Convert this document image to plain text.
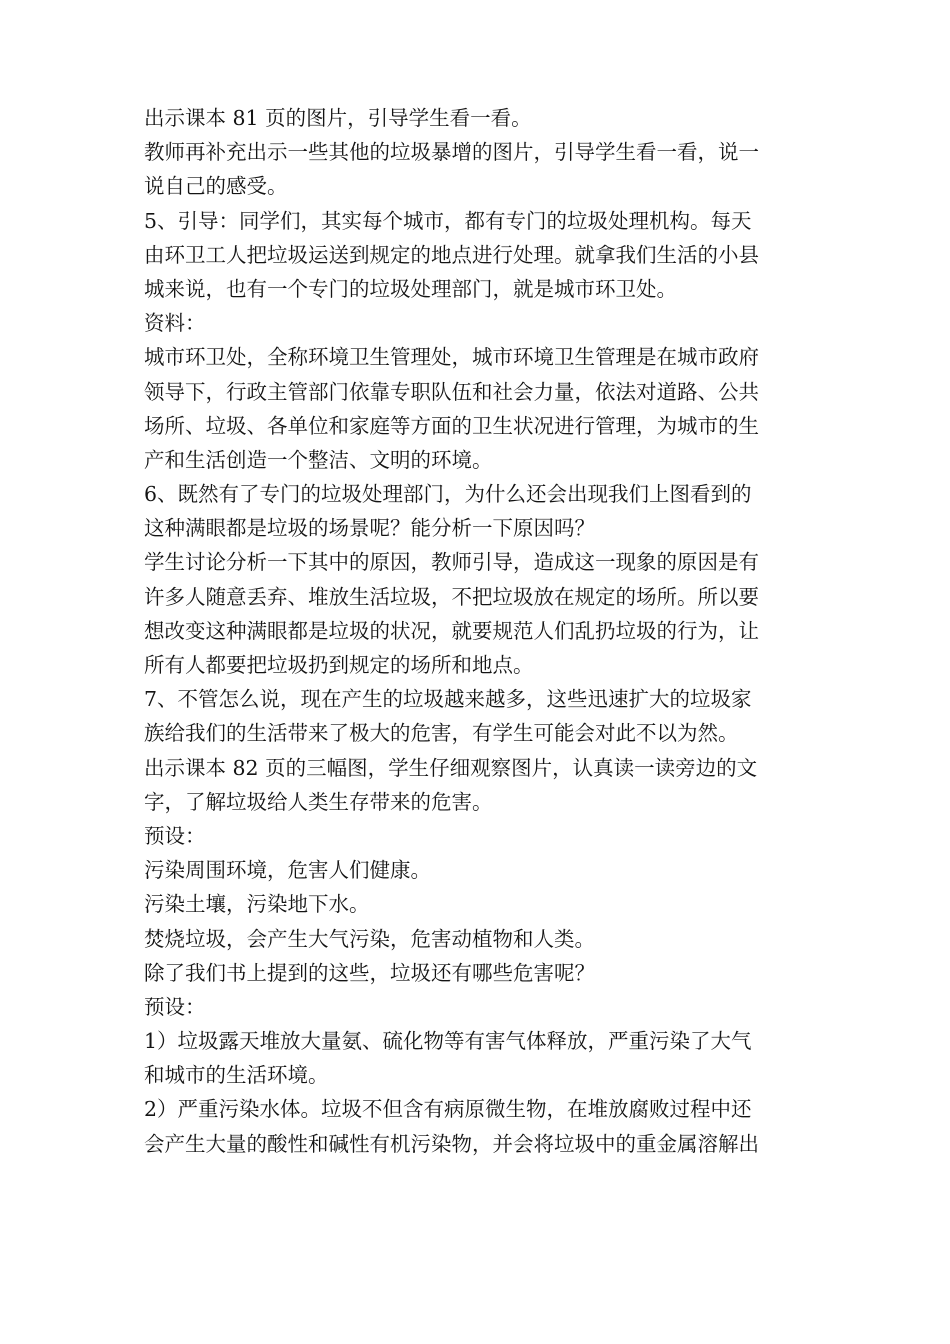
出示课本 81 页的图片，引导学生看一看。
教师再补充出示一些其他的垃圾暴增的图片，引导学生看一看，说一
说自己的感受。
5、引导：同学们，其实每个城市，都有专门的垃圾处理机构。每天
由环卫工人把垃圾运送到规定的地点进行处理。就拿我们生活的小县
城来说，也有一个专门的垃圾处理部门，就是城市环卫处。
资料：
城市环卫处，全称环境卫生管理处，城市环境卫生管理是在城市政府
领导下，行政主管部门依靠专职队伍和社会力量，依法对道路、公共
场所、垃圾、各单位和家庭等方面的卫生状况进行管理，为城市的生
产和生活创造一个整洁、文明的环境。
6、既然有了专门的垃圾处理部门，为什么还会出现我们上图看到的
这种满眼都是垃圾的场景呢？能分析一下原因吗？
学生讨论分析一下其中的原因，教师引导，造成这一现象的原因是有
许多人随意丢弃、堆放生活垃圾，不把垃圾放在规定的场所。所以要
想改变这种满眼都是垃圾的状况，就要规范人们乱扔垃圾的行为，让
所有人都要把垃圾扔到规定的场所和地点。
7、不管怎么说，现在产生的垃圾越来越多，这些迅速扩大的垃圾家
族给我们的生活带来了极大的危害，有学生可能会对此不以为然。
出示课本 82 页的三幅图，学生仔细观察图片，认真读一读旁边的文
字，了解垃圾给人类生存带来的危害。
预设：
污染周围环境，危害人们健康。
污染土壤，污染地下水。
焚烧垃圾，会产生大气污染，危害动植物和人类。
除了我们书上提到的这些，垃圾还有哪些危害呢？
预设：
1）垃圾露天堆放大量氨、硫化物等有害气体释放，严重污染了大气
和城市的生活环境。
2）严重污染水体。垃圾不但含有病原微生物，在堆放腐败过程中还
会产生大量的酸性和碱性有机污染物，并会将垃圾中的重金属溶解出
